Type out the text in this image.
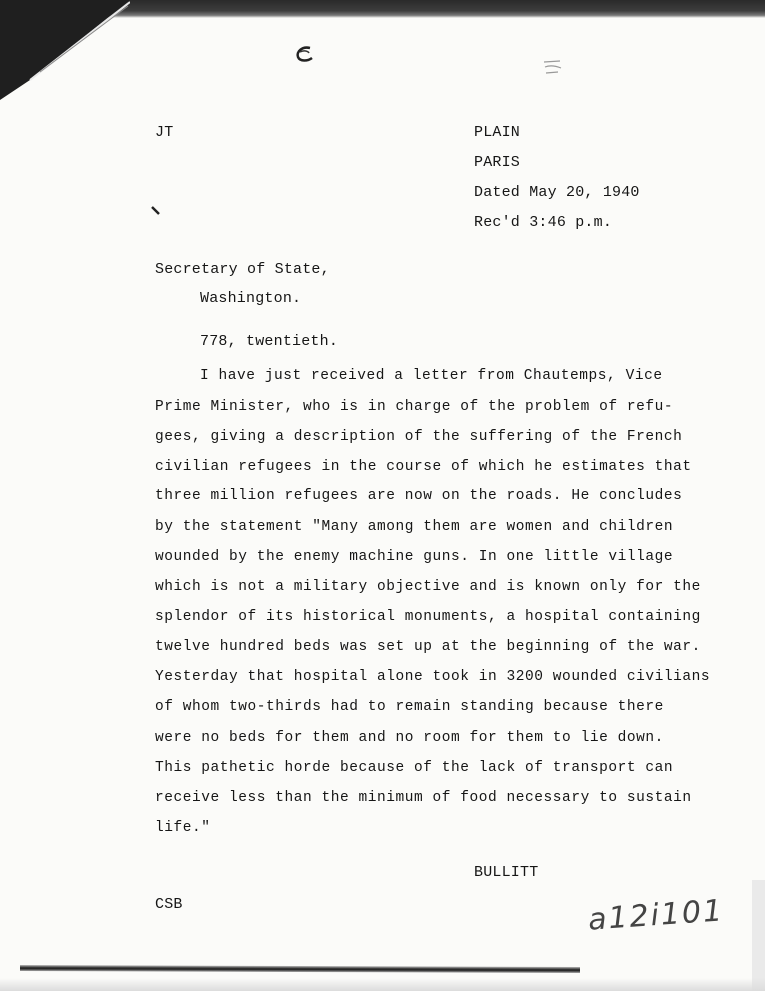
JT	PLAIN
PARIS
Dated May 20, 1940
Rec'd 3:46 p.m.
Secretary of State,
Washington.
778, twentieth.
I have just received a letter from Chautemps, Vice
Prime Minister, who is in charge of the problem of refu-
gees, giving a description of the suffering of the French
civilian refugees in the course of which he estimates that
three million refugees are now on the roads. He concludes
by the statement "Many among them are women and children
wounded by the enemy machine guns. In one little village
which is not a military objective and is known only for the
splendor of its historical monuments, a hospital containing
twelve hundred beds was set up at the beginning of the war.
Yesterday that hospital alone took in 3200 wounded civilians
of whom two-thirds had to remain standing because there
were no beds for them and no room for them to lie down.
This pathetic horde because of the lack of transport can
receive less than the minimum of food necessary to sustain
life."
BULLITT
CSB	a12i101
